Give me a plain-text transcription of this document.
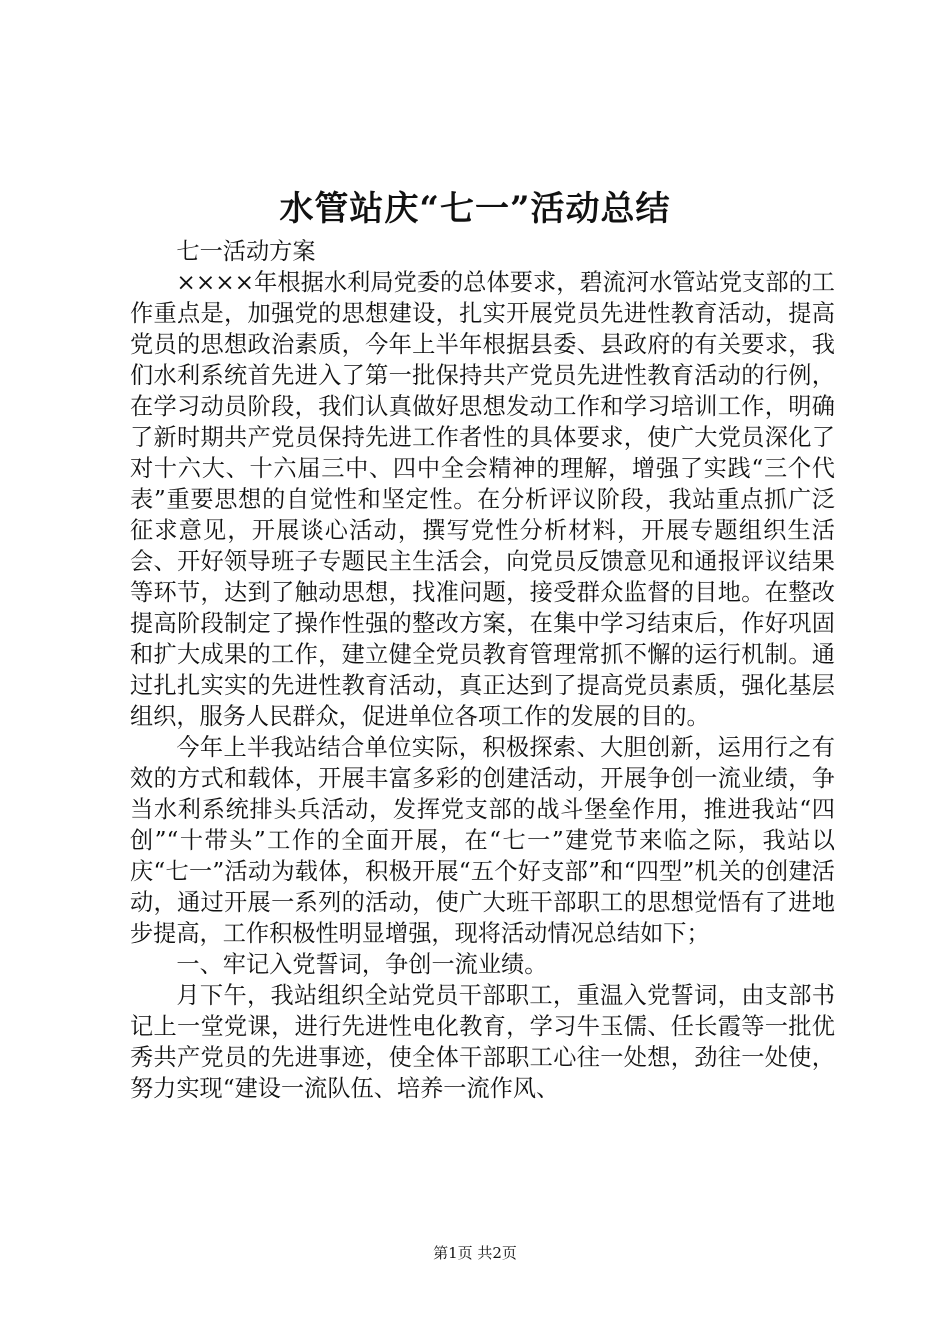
水管站庆“七一”活动总结

七一活动方案

××××年根据水利局党委的总体要求，碧流河水管站党支部的工作重点是，加强党的思想建设，扎实开展党员先进性教育活动，提高党员的思想政治素质，今年上半年根据县委、县政府的有关要求，我们水利系统首先进入了第一批保持共产党员先进性教育活动的行例，在学习动员阶段，我们认真做好思想发动工作和学习培训工作，明确了新时期共产党员保持先进工作者性的具体要求，使广大党员深化了对十六大、十六届三中、四中全会精神的理解，增强了实践“三个代表”重要思想的自觉性和坚定性。在分析评议阶段，我站重点抓广泛征求意见，开展谈心活动，撰写党性分析材料，开展专题组织生活会、开好领导班子专题民主生活会，向党员反馈意见和通报评议结果等环节，达到了触动思想，找准问题，接受群众监督的目地。在整改提高阶段制定了操作性强的整改方案，在集中学习结束后，作好巩固和扩大成果的工作，建立健全党员教育管理常抓不懈的运行机制。通过扎扎实实的先进性教育活动，真正达到了提高党员素质，强化基层组织，服务人民群众，促进单位各项工作的发展的目的。

今年上半我站结合单位实际，积极探索、大胆创新，运用行之有效的方式和载体，开展丰富多彩的创建活动，开展争创一流业绩，争当水利系统排头兵活动，发挥党支部的战斗堡垒作用，推进我站“四创”“十带头”工作的全面开展，在“七一”建党节来临之际，我站以庆“七一”活动为载体，积极开展“五个好支部”和“四型”机关的创建活动，通过开展一系列的活动，使广大班干部职工的思想觉悟有了进地步提高，工作积极性明显增强，现将活动情况总结如下；

一、牢记入党誓词，争创一流业绩。

月下午，我站组织全站党员干部职工，重温入党誓词，由支部书记上一堂党课，进行先进性电化教育，学习牛玉儒、任长霞等一批优秀共产党员的先进事迹，使全体干部职工心往一处想，劲往一处使，努力实现“建设一流队伍、培养一流作风、

第1页 共2页
